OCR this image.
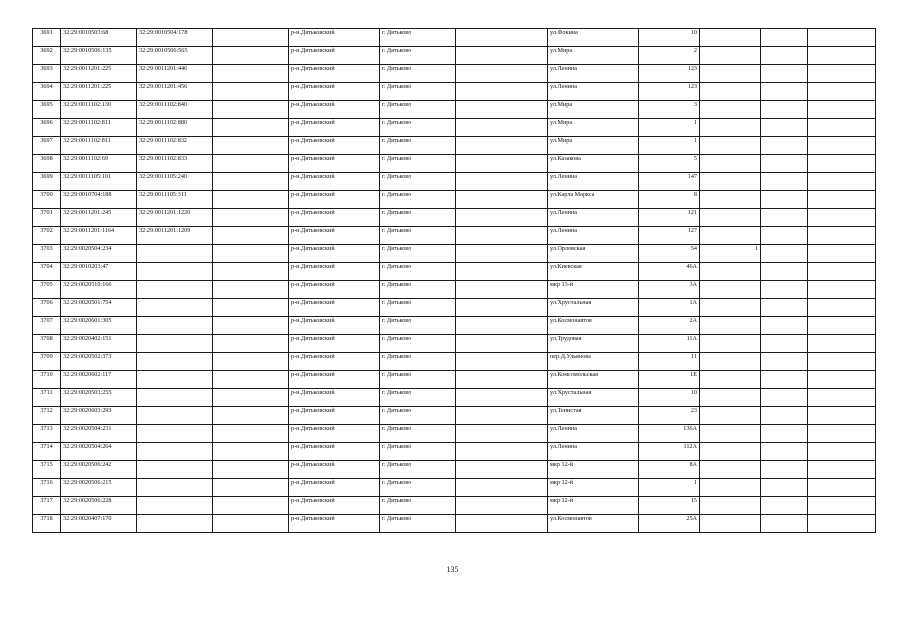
3691	32:29:0010503:68	32:29:0010504:178		р-н.Дятьковский	г. Дятьково		ул.Фокина	10			
3692	32:29:0010506:135	32:29:0010506:565		р-н.Дятьковский	г. Дятьково		ул.Мира	2			
3693	32:29:0011201:225	32:29:0011201:446		р-н.Дятьковский	г. Дятьково		ул.Ленина	123			
3694	32:29:0011201:225	32:29:0011201:456		р-н.Дятьковский	г. Дятьково		ул.Ленина	123			
3695	32:29:0011102:130	32:29:0011102:840		р-н.Дятьковский	г. Дятьково		ул.Мира	3			
3696	32:29:0011102:811	32:29:0011102:880		р-н.Дятьковский	г. Дятьково		ул.Мира	1			
3697	32:29:0011102:811	32:29:0011102:832		р-н.Дятьковский	г. Дятьково		ул.Мира	1			
3698	32:29:0011102:69	32:29:0011102:833		р-н.Дятьковский	г. Дятьково		ул.Казакова	5			
3699	32:29:0011105:101	32:29:0011105:240		р-н.Дятьковский	г. Дятьково		ул.Ленина	147			
3700	32:29:0010704:188	32:29:0011105:311		р-н.Дятьковский	г. Дятьково		ул.Карла Маркса	8			
3701	32:29:0011201:245	32:29:0011201:1220		р-н.Дятьковский	г. Дятьково		ул.Ленина	121			
3702	32:29:0011201:1164	32:29:0011201:1209		р-н.Дятьковский	г. Дятьково		ул.Ленина	127			
3703	32:29:0020504:234			р-н.Дятьковский	г. Дятьково		ул.Орловская	54	1		
3704	32:29:0010203:47			р-н.Дятьковский	г. Дятьково		ул.Киевская	46А			
3705	32:29:0020510:166			р-н.Дятьковский	г. Дятьково		мкр 13-й	3А			
3706	32:29:0020501:754			р-н.Дятьковский	г. Дятьково		ул.Хрустальная	1А			
3707	32:29:0020601:305			р-н.Дятьковский	г. Дятьково		ул.Космонавтов	2А			
3708	32:29:0020402:151			р-н.Дятьковский	г. Дятьково		ул.Трудовая	11А			
3709	32:29:0020502:373			р-н.Дятьковский	г. Дятьково		пер.Д.Ульянова	11			
3710	32:29:0020602:117			р-н.Дятьковский	г. Дятьково		ул.Комсомольская	1Е			
3711	32:29:0020503:255			р-н.Дятьковский	г. Дятьково		ул.Хрустальная	10			
3712	32:29:0020603:293			р-н.Дятьковский	г. Дятьково		ул.Тенистая	23			
3713	32:29:0020504:231			р-н.Дятьковский	г. Дятьково		ул.Ленина	136А			
3714	32:29:0020504:264			р-н.Дятьковский	г. Дятьково		ул.Ленина	112А			
3715	32:29:0020506:242			р-н.Дятьковский	г. Дятьково		мкр 12-й	8А			
3716	32:29:0020506:215			р-н.Дятьковский	г. Дятьково		мкр 12-й	1			
3717	32:29:0020506:228			р-н.Дятьковский	г. Дятьково		мкр 12-й	15			
3718	32:29:0020407:170			р-н.Дятьковский	г. Дятьково		ул.Космонавтов	25А			
135
